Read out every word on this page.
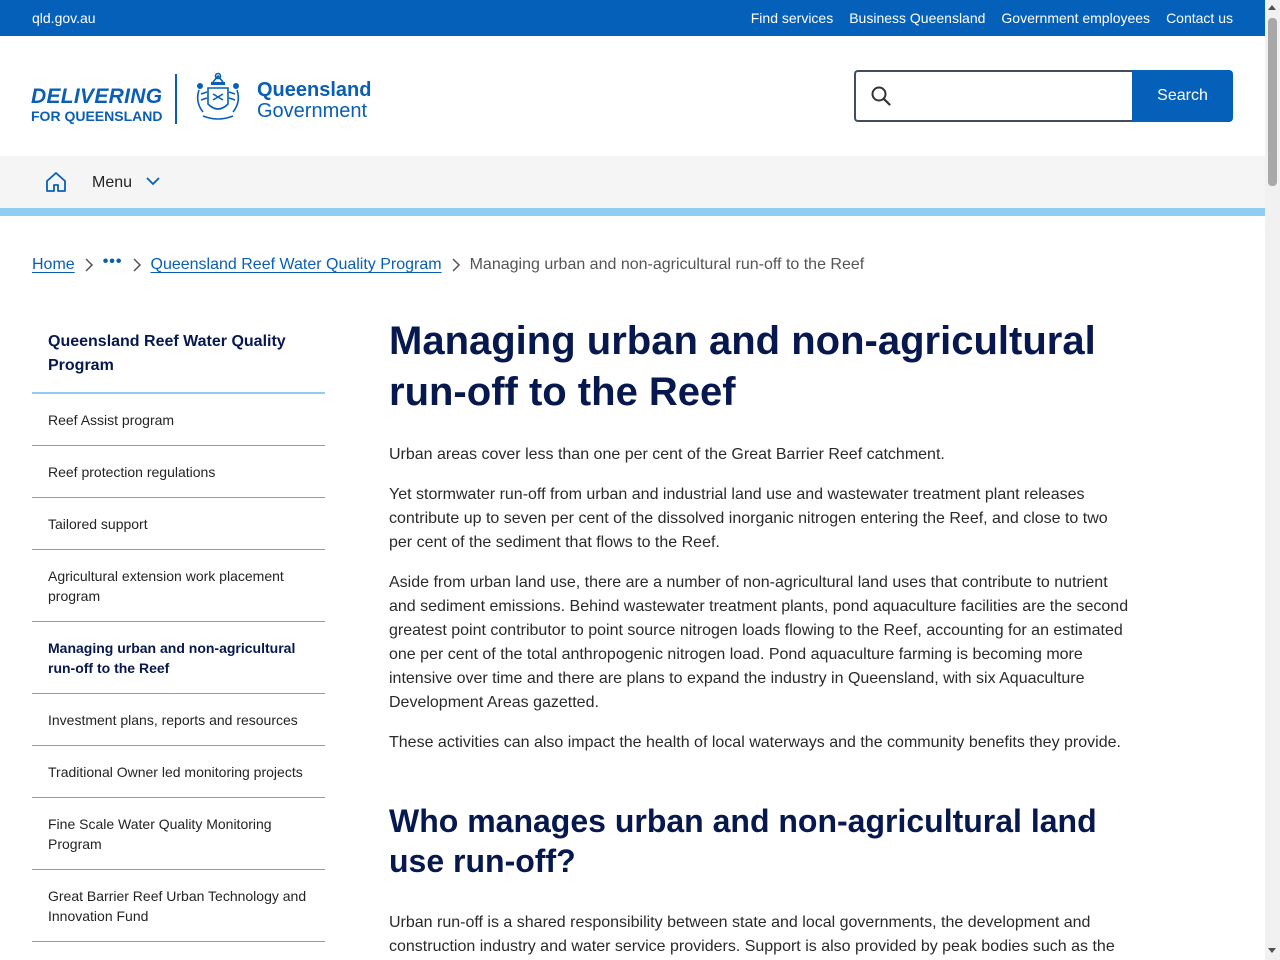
qld.gov.au	Find services Business Queensland Government employees Contact us
DELIVERING
FOR QUEENSLAND
Queensland
Government
Search
Menu
Home ••• Queensland Reef Water Quality Program Managing urban and non-agricultural run-off to the Reef
Queensland Reef Water Quality Program
Reef Assist program
Reef protection regulations
Tailored support
Agricultural extension work placement program
Managing urban and non-agricultural run-off to the Reef
Investment plans, reports and resources
Traditional Owner led monitoring projects
Fine Scale Water Quality Monitoring Program
Great Barrier Reef Urban Technology and Innovation Fund
Managing urban and non-agricultural run-off to the Reef

Urban areas cover less than one per cent of the Great Barrier Reef catchment.

Yet stormwater run-off from urban and industrial land use and wastewater treatment plant releases contribute up to seven per cent of the dissolved inorganic nitrogen entering the Reef, and close to two per cent of the sediment that flows to the Reef.

Aside from urban land use, there are a number of non-agricultural land uses that contribute to nutrient and sediment emissions. Behind wastewater treatment plants, pond aquaculture facilities are the second greatest point contributor to point source nitrogen loads flowing to the Reef, accounting for an estimated one per cent of the total anthropogenic nitrogen load. Pond aquaculture farming is becoming more intensive over time and there are plans to expand the industry in Queensland, with six Aquaculture Development Areas gazetted.

These activities can also impact the health of local waterways and the community benefits they provide.

Who manages urban and non-agricultural land use run-off?

Urban run-off is a shared responsibility between state and local governments, the development and construction industry and water service providers. Support is also provided by peak bodies such as the
